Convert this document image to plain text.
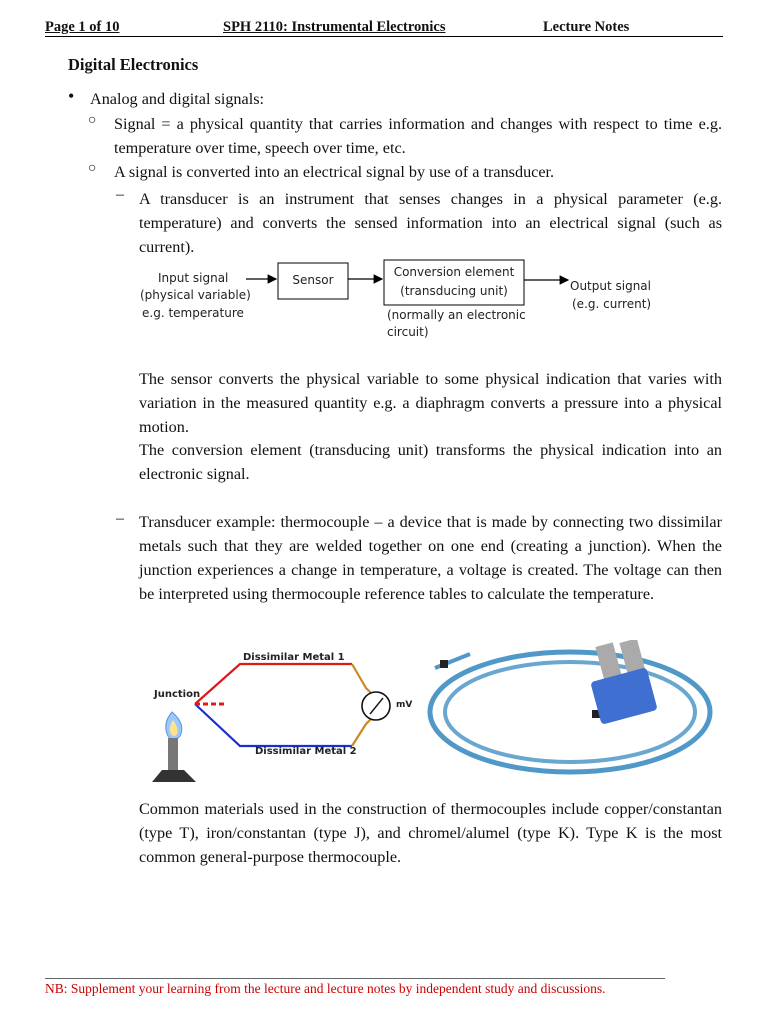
Page 1 of 10	SPH 2110: Instrumental Electronics	Lecture Notes
Digital Electronics
• Analog and digital signals:
○ Signal = a physical quantity that carries information and changes with respect to time e.g. temperature over time, speech over time, etc.
○ A signal is converted into an electrical signal by use of a transducer.
– A transducer is an instrument that senses changes in a physical parameter (e.g. temperature) and converts the sensed information into an electrical signal (such as current).
Input signal
(physical variable)
e.g. temperature
Sensor
Conversion element
(transducing unit)
(normally an electronic
circuit)
Output signal
(e.g. current)
The sensor converts the physical variable to some physical indication that varies with variation in the measured quantity e.g. a diaphragm converts a pressure into a physical motion.
The conversion element (transducing unit) transforms the physical indication into an electronic signal.
– Transducer example: thermocouple – a device that is made by connecting two dissimilar metals such that they are welded together on one end (creating a junction). When the junction experiences a change in temperature, a voltage is created. The voltage can then be interpreted using thermocouple reference tables to calculate the temperature.
Dissimilar Metal 1
Dissimilar Metal 2
Junction
mV
Common materials used in the construction of thermocouples include copper/constantan (type T), iron/constantan (type J), and chromel/alumel (type K). Type K is the most common general-purpose thermocouple.
NB: Supplement your learning from the lecture and lecture notes by independent study and discussions.
